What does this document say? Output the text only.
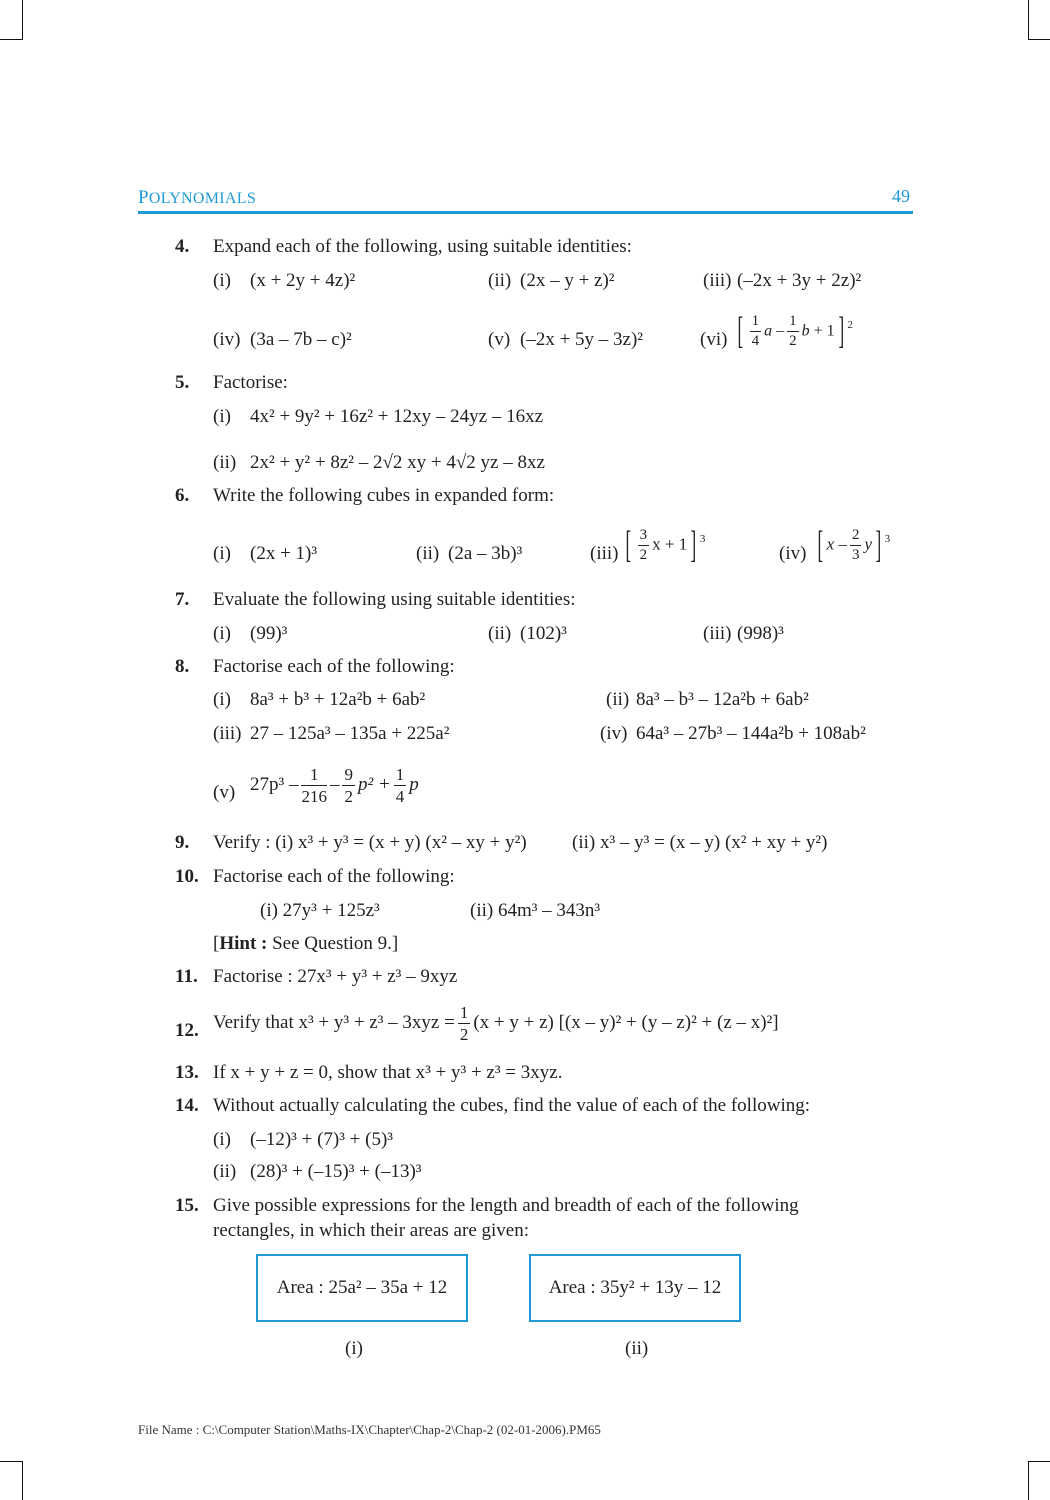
POLYNOMIALS	49
4. Expand each of the following, using suitable identities:
(i) (x + 2y + 4z)²	(ii) (2x – y + z)²	(iii) (–2x + 3y + 2z)²
(iv) (3a – 7b – c)²	(v) (–2x + 5y – 3z)²	(vi) [ $\frac{1}{4}$ a – $\frac{1}{2}$ b + 1] $^2$
5. Factorise:
(i) 4x² + 9y² + 16z² + 12xy – 24yz – 16xz
(ii) 2x² + y² + 8z² – 2√2 xy + 4√2 yz – 8xz
6. Write the following cubes in expanded form:
(i) (2x + 1)³	(ii) (2a – 3b)³	(iii) [ $\frac{3}{2}$ x + 1] $^3$
(iv) [ x – $\frac{2}{3} y$] $^3$
7. Evaluate the following using suitable identities:
(i) (99)³	(ii) (102)³	(iii) (998)³
8. Factorise each of the following:
(i) 8a³ + b³ + 12a²b + 6ab²	(ii) 8a³ – b³ – 12a²b + 6ab²
(iii) 27 – 125a³ – 135a + 225a²	(iv) 64a³ – 27b³ – 144a²b + 108ab²
(v) $27p^3 - \frac{1}{216} - \frac{9}{2} p^2 + \frac{1}{4}$ p
9. Verify : (i) x³ + y³ = (x + y) (x² – xy + y²) (ii) x³ – y³ = (x – y) (x² + xy + y²)
10. Factorise each of the following:
(i) 27y³ + 125z³	(ii) 64m³ – 343n³
[Hint : See Question 9.]
11. Factorise : 27x³ + y³ + z³ – 9xyz
12. Verify that $x^3 + y^3 + z^3 - 3xyz = \frac{1}{2} (x + y + z)$ [(x – y)² + (y – z)² + (z – x)²]
13. If x + y + z = 0, show that x³ + y³ + z³ = 3xyz.
14. Without actually calculating the cubes, find the value of each of the following:
(i) (–12)³ + (7)³ + (5)³
(ii) (28)³ + (–15)³ + (–13)³
15. Give possible expressions for the length and breadth of each of the following
rectangles, in which their areas are given:
Area : 25a² – 35a + 12	Area : 35y² + 13y – 12
(i)	(ii)
File Name : C:\Computer Station\Maths-IX\Chapter\Chap-2\Chap-2 (02-01-2006).PM65
